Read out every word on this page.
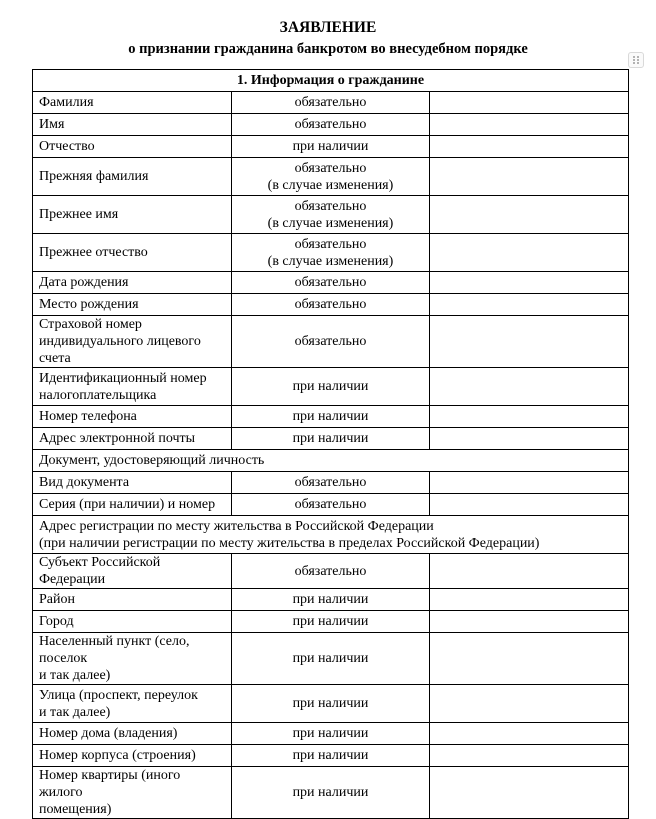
ЗАЯВЛЕНИЕ
о признании гражданина банкротом во внесудебном порядке
1. Информация о гражданине		
Фамилия	обязательно	
Имя	обязательно	
Отчество	при наличии	
Прежняя фамилия	обязательно
(в случае изменения)	
Прежнее имя	обязательно
(в случае изменения)	
Прежнее отчество	обязательно
(в случае изменения)	
Дата рождения	обязательно	
Место рождения	обязательно	
Страховой номер
индивидуального лицевого счета	обязательно	
Идентификационный номер
налогоплательщика	при наличии	
Номер телефона	при наличии	
Адрес электронной почты	при наличии	
Документ, удостоверяющий личность		
Вид документа	обязательно	
Серия (при наличии) и номер	обязательно	
Адрес регистрации по месту жительства в Российской Федерации
(при наличии регистрации по месту жительства в пределах Российской Федерации)		
Субъект Российской Федерации	обязательно	
Район	при наличии	
Город	при наличии	
Населенный пункт (село, поселок
и так далее)	при наличии	
Улица (проспект, переулок
и так далее)	при наличии	
Номер дома (владения)	при наличии	
Номер корпуса (строения)	при наличии	
Номер квартиры (иного жилого
помещения)	при наличии	
